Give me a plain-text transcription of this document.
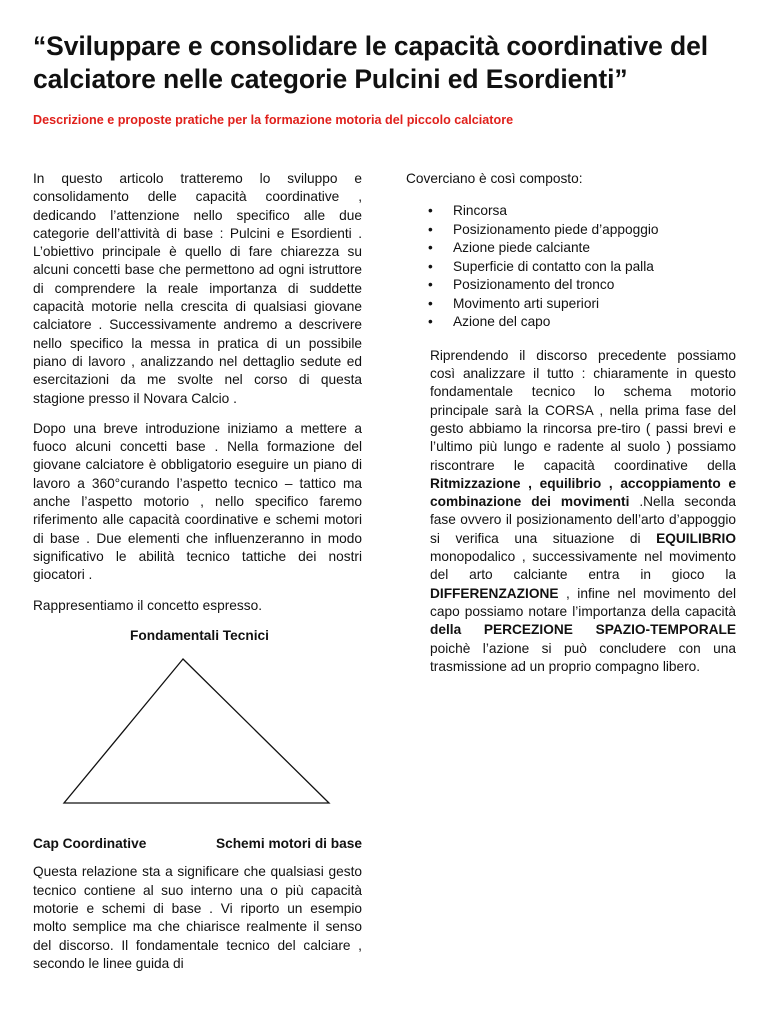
“Sviluppare e consolidare le capacità coordinative del calciatore nelle categorie Pulcini ed Esordienti”

Descrizione e proposte pratiche per la formazione motoria del piccolo calciatore

In questo articolo tratteremo lo sviluppo e consolidamento delle capacità coordinative , dedicando l’attenzione nello specifico alle due categorie dell’attività di base : Pulcini e Esordienti . L’obiettivo principale è quello di fare chiarezza su alcuni concetti base che permettono ad ogni istruttore di comprendere la reale importanza di suddette capacità motorie nella crescita di qualsiasi giovane calciatore . Successivamente andremo a descrivere nello specifico la messa in pratica di un possibile piano di lavoro , analizzando nel dettaglio sedute ed esercitazioni da me svolte nel corso di questa stagione presso il Novara Calcio .

Dopo una breve introduzione iniziamo a mettere a fuoco alcuni concetti base . Nella formazione del giovane calciatore è obbligatorio eseguire un piano di lavoro a 360°curando l’aspetto tecnico – tattico ma anche l’aspetto motorio , nello specifico faremo riferimento alle capacità coordinative e schemi motori di base . Due elementi che influenzeranno in modo significativo le abilità tecnico tattiche dei nostri giocatori .

Rappresentiamo il concetto espresso.

Fondamentali Tecnici
Cap Coordinative	Schemi motori di base

Questa relazione sta a significare che qualsiasi gesto tecnico contiene al suo interno una o più capacità motorie e schemi di base . Vi riporto un esempio molto semplice ma che chiarisce realmente il senso del discorso. Il fondamentale tecnico del calciare , secondo le linee guida di

Coverciano è così composto:

•	Rincorsa
•	Posizionamento piede d’appoggio
•	Azione piede calciante
•	Superficie di contatto con la palla
•	Posizionamento del tronco
•	Movimento arti superiori
•	Azione del capo

Riprendendo il discorso precedente possiamo così analizzare il tutto : chiaramente in questo fondamentale tecnico lo schema motorio principale sarà la CORSA , nella prima fase del gesto abbiamo la rincorsa pre-tiro ( passi brevi e l’ultimo più lungo e radente al suolo ) possiamo riscontrare le capacità coordinative della Ritmizzazione , equilibrio , accoppiamento e combinazione dei movimenti .Nella seconda fase ovvero il posizionamento dell’arto d’appoggio si verifica una situazione di EQUILIBRIO monopodalico , successivamente nel movimento del arto calciante entra in gioco la DIFFERENZAZIONE , infine nel movimento del capo possiamo notare l’importanza della capacità della PERCEZIONE SPAZIO-TEMPORALE poichè l’azione si può concludere con una trasmissione ad un proprio compagno libero.
